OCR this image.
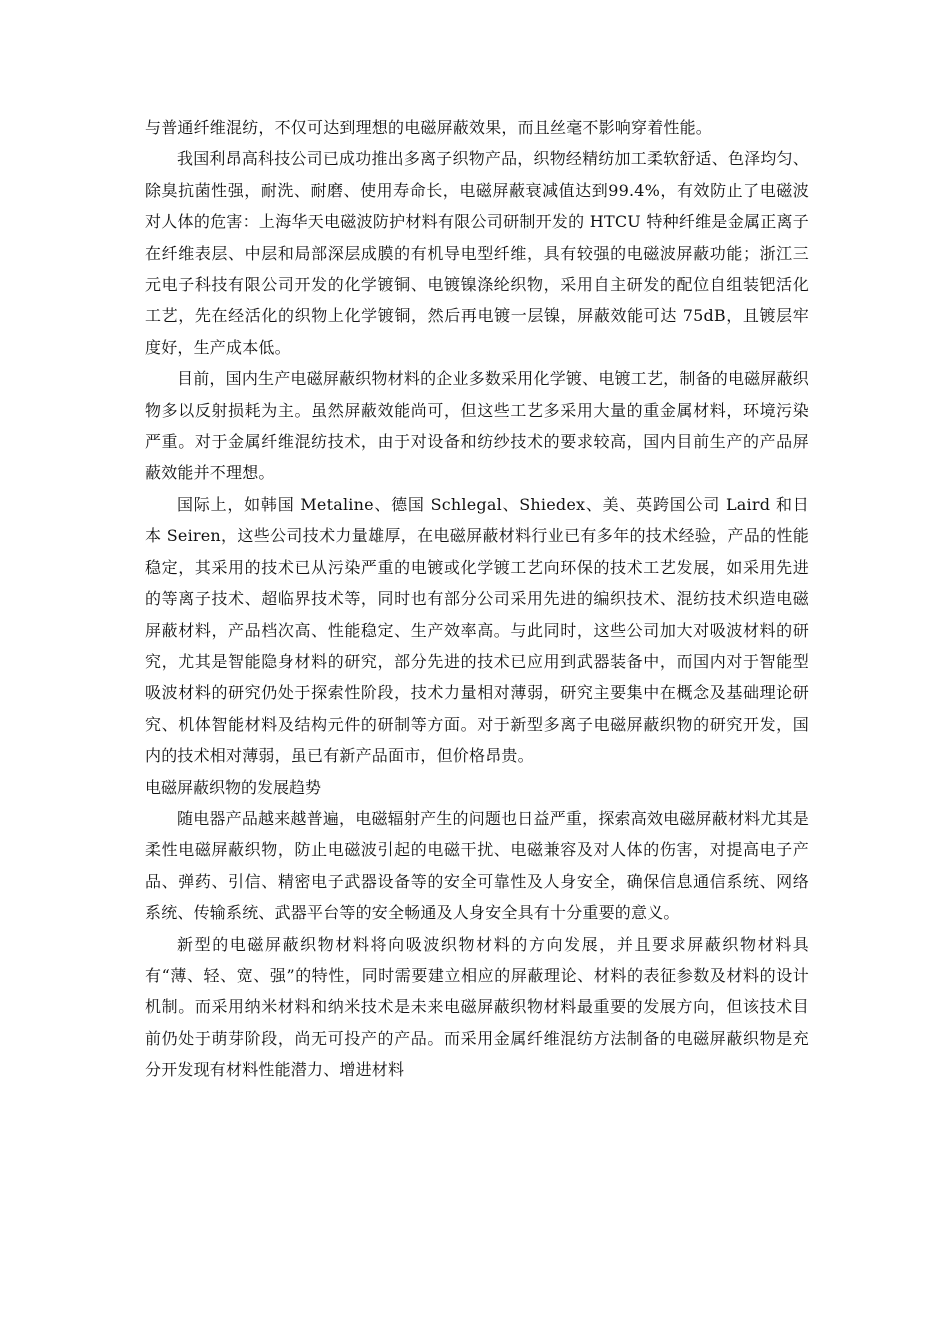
与普通纤维混纺，不仅可达到理想的电磁屏蔽效果，而且丝毫不影响穿着性能。

我国利昂高科技公司已成功推出多离子织物产品，织物经精纺加工柔软舒适、色泽均匀、除臭抗菌性强，耐洗、耐磨、使用寿命长，电磁屏蔽衰减值达到99.4%，有效防止了电磁波对人体的危害：上海华天电磁波防护材料有限公司研制开发的 HTCU 特种纤维是金属正离子在纤维表层、中层和局部深层成膜的有机导电型纤维，具有较强的电磁波屏蔽功能；浙江三元电子科技有限公司开发的化学镀铜、电镀镍涤纶织物，采用自主研发的配位自组装钯活化工艺，先在经活化的织物上化学镀铜，然后再电镀一层镍，屏蔽效能可达 75dB，且镀层牢度好，生产成本低。

目前，国内生产电磁屏蔽织物材料的企业多数采用化学镀、电镀工艺，制备的电磁屏蔽织物多以反射损耗为主。虽然屏蔽效能尚可，但这些工艺多采用大量的重金属材料，环境污染严重。对于金属纤维混纺技术，由于对设备和纺纱技术的要求较高，国内目前生产的产品屏蔽效能并不理想。

国际上，如韩国 Metaline、德国 Schlegal、Shiedex、美、英跨国公司 Laird 和日本 Seiren，这些公司技术力量雄厚，在电磁屏蔽材料行业已有多年的技术经验，产品的性能稳定，其采用的技术已从污染严重的电镀或化学镀工艺向环保的技术工艺发展，如采用先进的等离子技术、超临界技术等，同时也有部分公司采用先进的编织技术、混纺技术织造电磁屏蔽材料，产品档次高、性能稳定、生产效率高。与此同时，这些公司加大对吸波材料的研究，尤其是智能隐身材料的研究，部分先进的技术已应用到武器装备中，而国内对于智能型吸波材料的研究仍处于探索性阶段，技术力量相对薄弱，研究主要集中在概念及基础理论研究、机体智能材料及结构元件的研制等方面。对于新型多离子电磁屏蔽织物的研究开发，国内的技术相对薄弱，虽已有新产品面市，但价格昂贵。

电磁屏蔽织物的发展趋势

随电器产品越来越普遍，电磁辐射产生的问题也日益严重，探索高效电磁屏蔽材料尤其是柔性电磁屏蔽织物，防止电磁波引起的电磁干扰、电磁兼容及对人体的伤害，对提高电子产品、弹药、引信、精密电子武器设备等的安全可靠性及人身安全，确保信息通信系统、网络系统、传输系统、武器平台等的安全畅通及人身安全具有十分重要的意义。

新型的电磁屏蔽织物材料将向吸波织物材料的方向发展，并且要求屏蔽织物材料具有“薄、轻、宽、强”的特性，同时需要建立相应的屏蔽理论、材料的表征参数及材料的设计机制。而采用纳米材料和纳米技术是未来电磁屏蔽织物材料最重要的发展方向，但该技术目前仍处于萌芽阶段，尚无可投产的产品。而采用金属纤维混纺方法制备的电磁屏蔽织物是充分开发现有材料性能潜力、增进材料
